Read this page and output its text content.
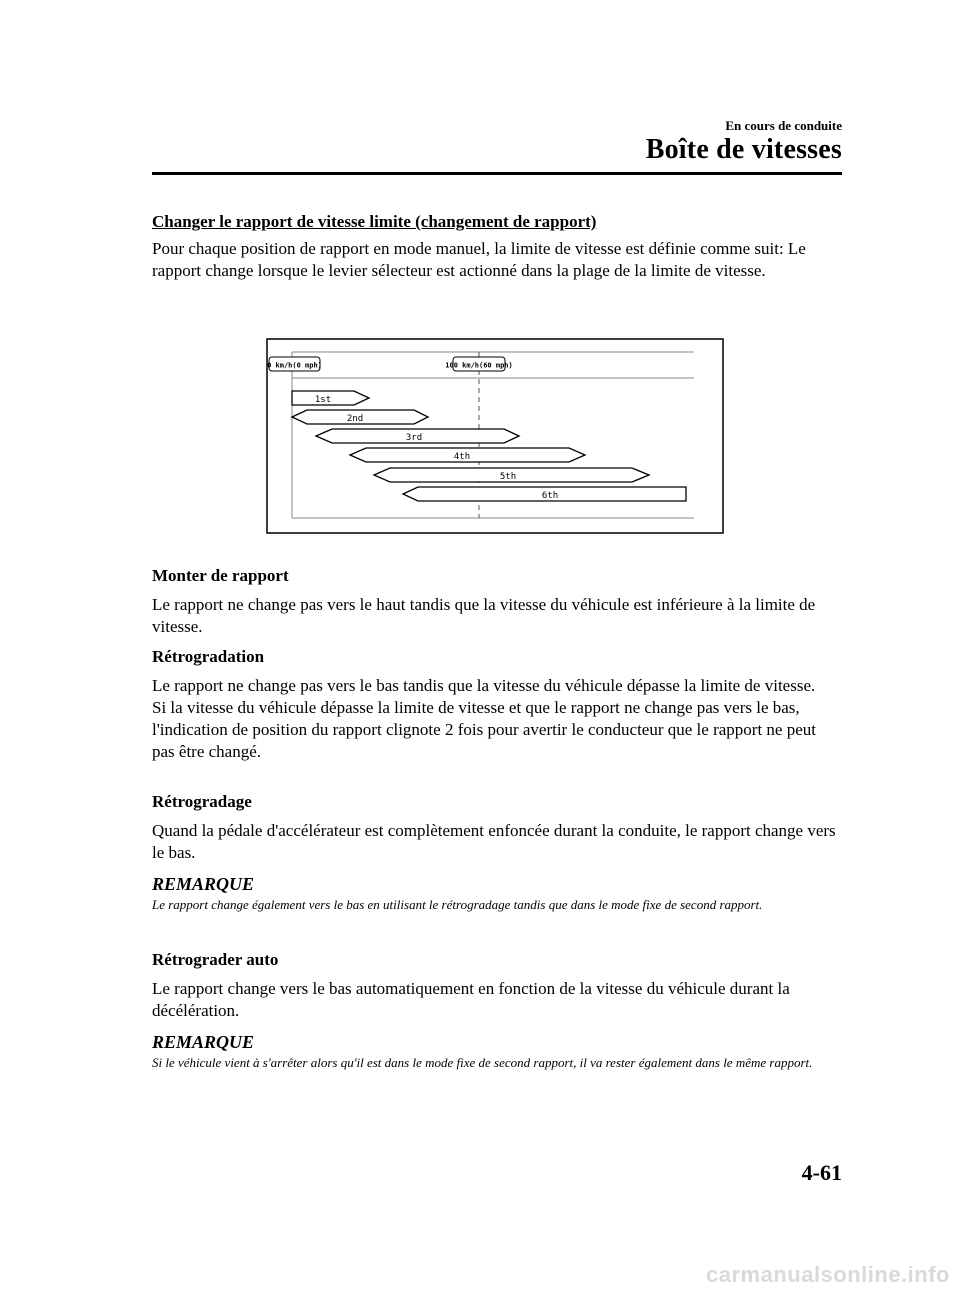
En cours de conduite
Boîte de vitesses

Changer le rapport de vitesse limite (changement de rapport)

Pour chaque position de rapport en mode manuel, la limite de vitesse est définie comme suit: Le rapport change lorsque le levier sélecteur est actionné dans la plage de la limite de vitesse.

0 km/h(0 mph)	100 km/h(60 mph)
1st
2nd
3rd
4th
5th
6th

Monter de rapport

Le rapport ne change pas vers le haut tandis que la vitesse du véhicule est inférieure à la limite de vitesse.

Rétrogradation

Le rapport ne change pas vers le bas tandis que la vitesse du véhicule dépasse la limite de vitesse.

Si la vitesse du véhicule dépasse la limite de vitesse et que le rapport ne change pas vers le bas, l'indication de position du rapport clignote 2 fois pour avertir le conducteur que le rapport ne peut pas être changé.

Rétrogradage

Quand la pédale d'accélérateur est complètement enfoncée durant la conduite, le rapport change vers le bas.

REMARQUE

Le rapport change également vers le bas en utilisant le rétrogradage tandis que dans le mode fixe de second rapport.

Rétrograder auto

Le rapport change vers le bas automatiquement en fonction de la vitesse du véhicule durant la décélération.

REMARQUE

Si le véhicule vient à s'arrêter alors qu'il est dans le mode fixe de second rapport, il va rester également dans le même rapport.

4-61
carmanualsonline.info
